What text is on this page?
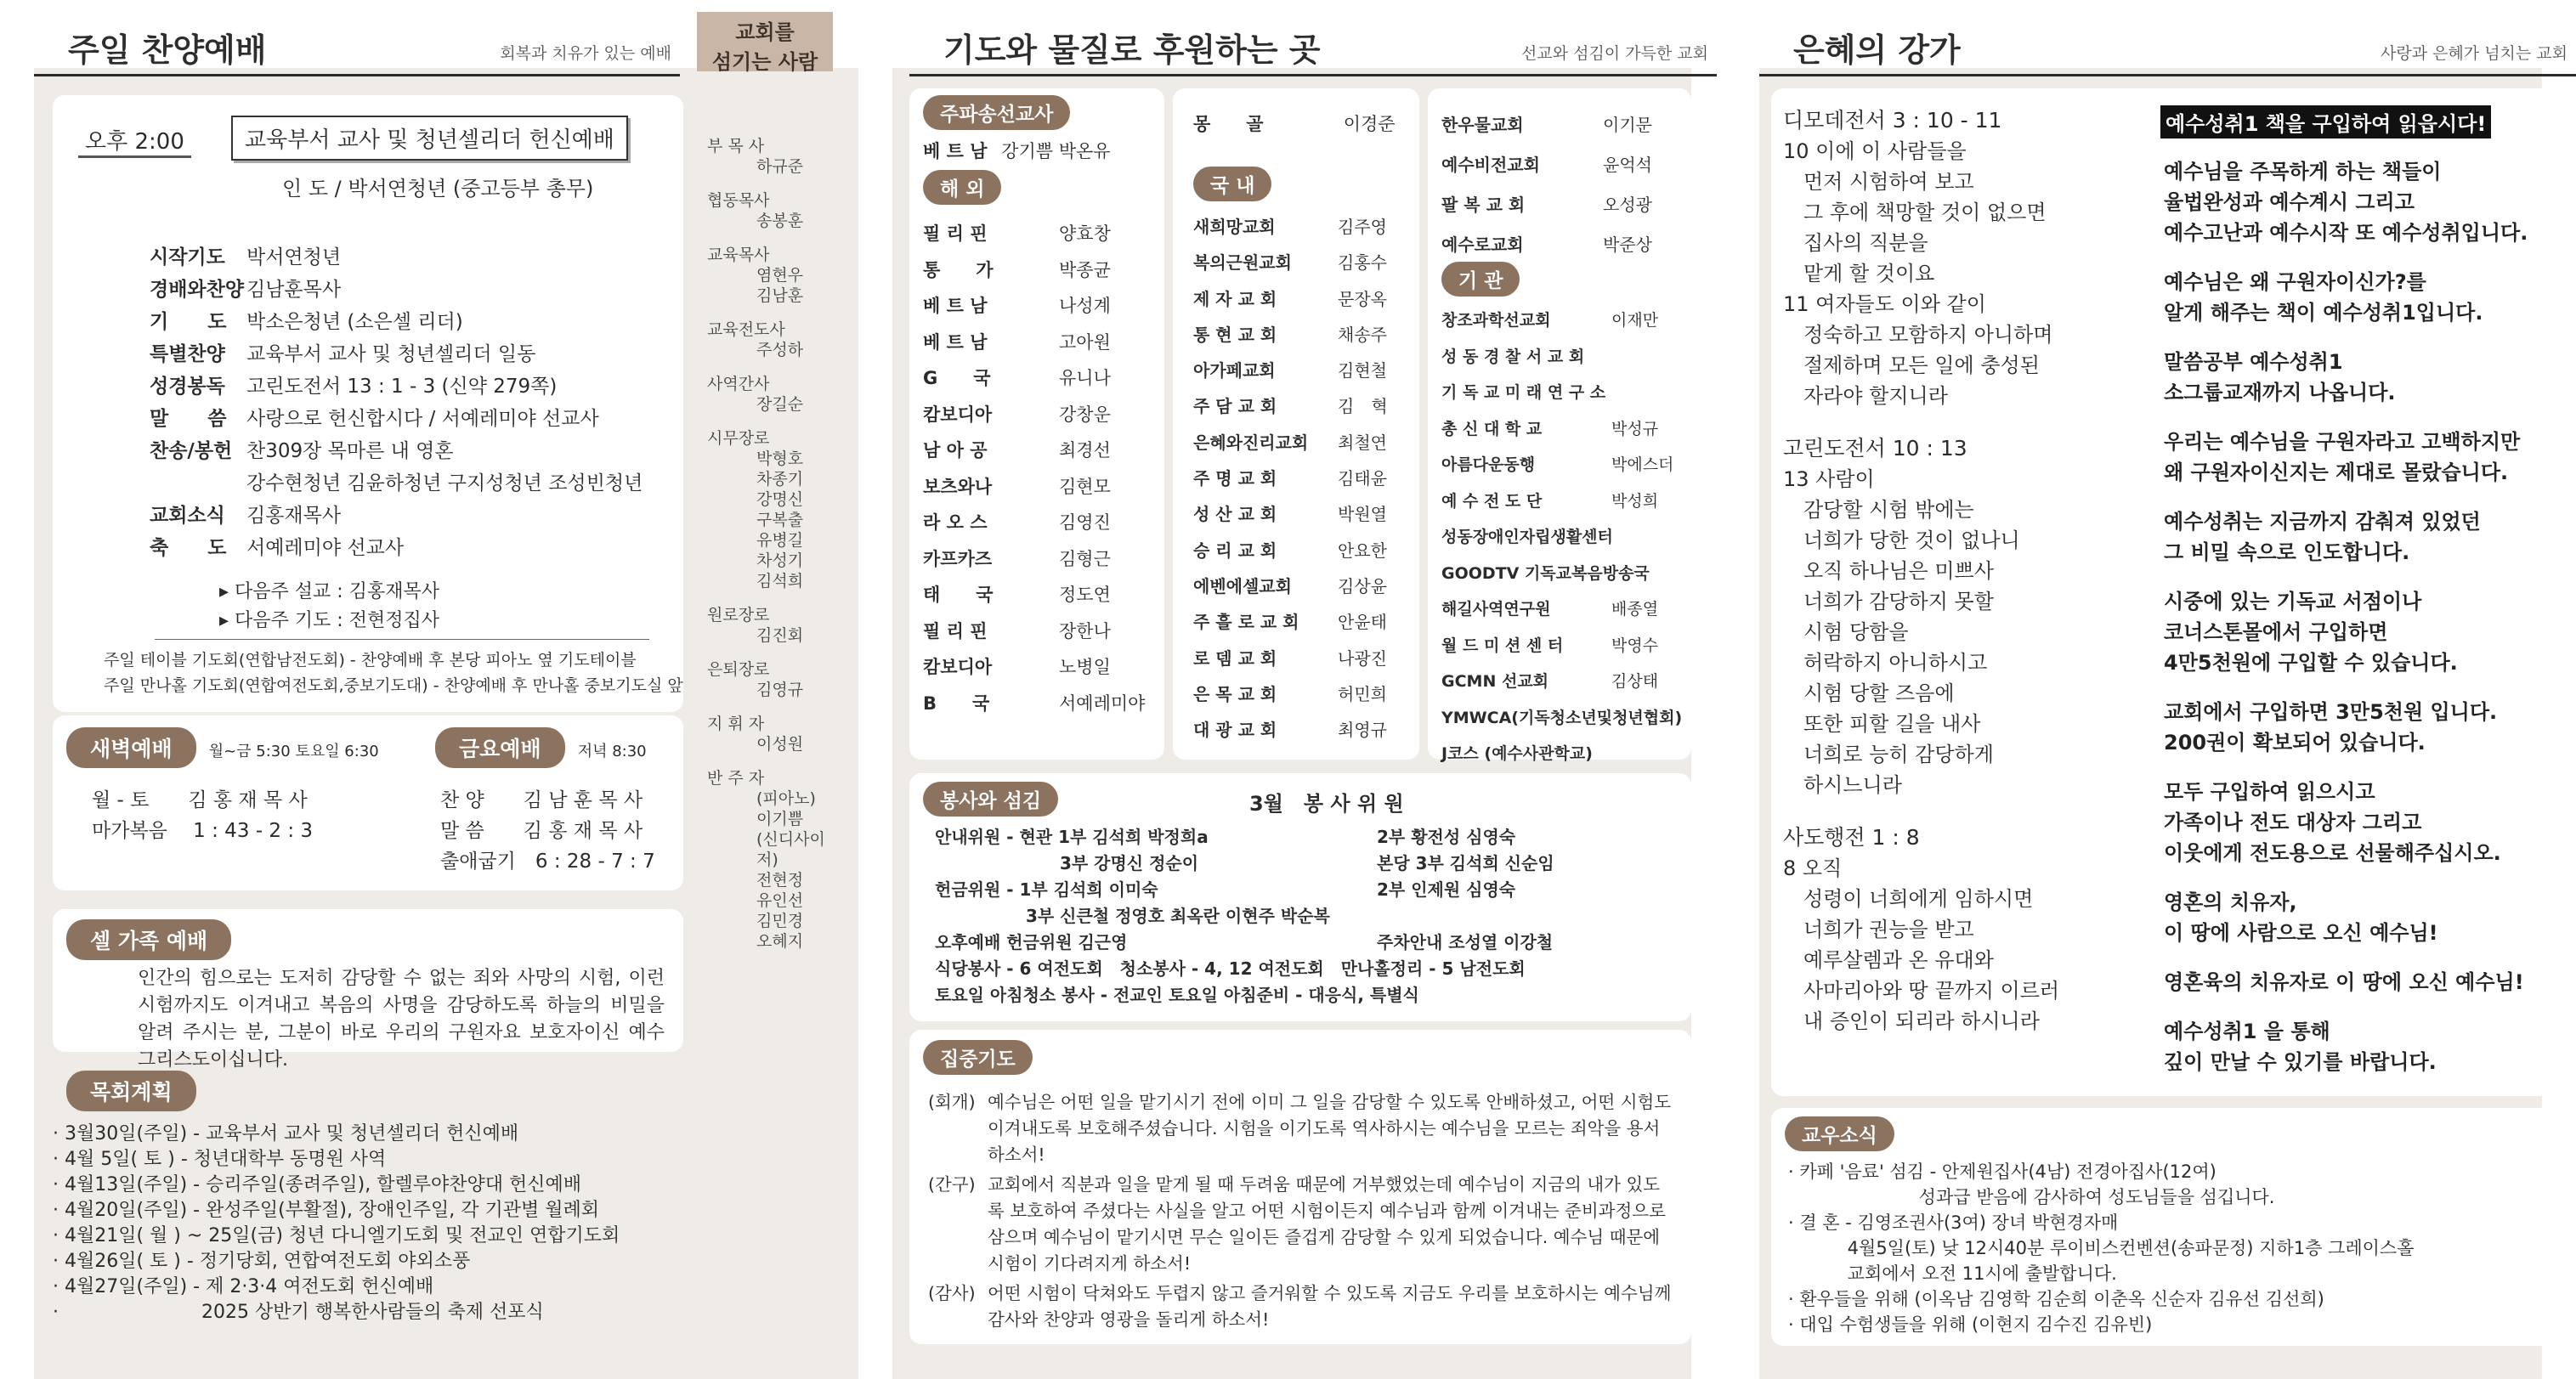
주일 찬양예배	회복과 치유가 있는 예배
교회를
섬기는 사람
오후 2:00	교육부서 교사 및 청년셀리더 헌신예배
인 도 / 박서연청년 (중고등부 총무)
시작기도 박서연청년
경배와찬양 김남훈목사
기　　도 박소은청년 (소은셀 리더)
특별찬양 교육부서 교사 및 청년셀리더 일동
성경봉독 고린도전서 13 : 1 - 3 (신약 279쪽)
말　　씀 사랑으로 헌신합시다 / 서예레미야 선교사
찬송/봉헌 찬309장 목마른 내 영혼
강수현청년 김윤하청년 구지성청년 조성빈청년
교회소식 김홍재목사
축　　도 서예레미야 선교사
▸ 다음주 설교 : 김홍재목사
▸ 다음주 기도 : 전현정집사
주일 테이블 기도회(연합남전도회) - 찬양예배 후 본당 피아노 옆 기도테이블
주일 만나홀 기도회(연합여전도회,중보기도대) - 찬양예배 후 만나홀 중보기도실 앞
새벽예배 월~금 5:30 토요일 6:30
월 - 토　　김 홍 재 목 사
마가복음　 1 : 43 - 2 : 3
금요예배 저녁 8:30
찬 양　　김 남 훈 목 사
말 씀　　김 홍 재 목 사
출애굽기　6 : 28 - 7 : 7
셀 가족 예배
인간의 힘으로는 도저히 감당할 수 없는 죄와 사망의 시험, 이런 시험까지도 이겨내고 복음의 사명을 감당하도록 하늘의 비밀을 알려 주시는 분, 그분이 바로 우리의 구원자요 보호자이신 예수 그리스도이십니다.
목회계획
· 3월30일(주일) - 교육부서 교사 및 청년셀리더 헌신예배
· 4월 5일( 토 ) - 청년대학부 동명원 사역
· 4월13일(주일) - 승리주일(종려주일), 할렐루야찬양대 헌신예배
· 4월20일(주일) - 완성주일(부활절), 장애인주일, 각 기관별 월례회
· 4월21일( 월 ) ~ 25일(금) 청년 다니엘기도회 및 전교인 연합기도회
· 4월26일( 토 ) - 정기당회, 연합여전도회 야외소풍
· 4월27일(주일) - 제 2·3·4 여전도회 헌신예배
· 　　　　　　　 2025 상반기 행복한사람들의 축제 선포식
부 목 사
하규준
협동목사
송봉훈
교육목사
염현우
김남훈
교육전도사
주성하
사역간사
장길순
시무장로
박형호
차종기
강명신
구복출
유병길
차성기
김석희
원로장로
김진회
은퇴장로
김영규
지 휘 자
이성원
반 주 자
(피아노)
이기쁨
(신디사이저)
전현정
유인선
김민경
오혜지
기도와 물질로 후원하는 곳	선교와 섬김이 가득한 교회
주파송선교사
베 트 남 강기쁨 박온유
해 외
필 리 핀	양효창
통　　가	박종균
베 트 남	나성계
베 트 남	고아원
G　　국	유니나
캄보디아	강창운
남 아 공	최경선
보츠와나	김현모
라 오 스	김영진
카프카즈	김형근
태　　국	정도연
필 리 핀	장한나
캄보디아	노병일
B　　국	서예레미야
몽　　골	이경준
국 내
새희망교회	김주영
복의근원교회	김홍수
제 자 교 회	문장옥
통 현 교 회	채송주
아가페교회	김현철
주 담 교 회	김　혁
은혜와진리교회 최철연
주 명 교 회	김태윤
성 산 교 회	박원열
승 리 교 회	안요한
에벤에셀교회	김상윤
주 흘 로 교 회 안윤태
로 뎀 교 회	나광진
은 목 교 회	허민희
대 광 교 회	최영규
한우물교회	이기문
예수비전교회	윤억석
팔 복 교 회	오성광
예수로교회	박준상
기 관
창조과학선교회	이재만
성 동 경 찰 서 교 회
기 독 교 미 래 연 구 소
총 신 대 학 교	박성규
아름다운동행	박에스더
예 수 전 도 단	박성희
성동장애인자립생활센터
GOODTV 기독교복음방송국
해길사역연구원	배종열
월 드 미 션 센 터	박영수
GCMN 선교회	김상태
YMWCA(기독청소년및청년협회)
J코스 (예수사관학교)
봉사와 섬김	3월　봉 사 위 원
안내위원 - 현관 1부 김석희 박정희a	2부 황전성 심영숙
　　　　　　　 3부 강명신 정순이	본당 3부 김석희 신순임
헌금위원 - 1부 김석희 이미숙	2부 인제원 심영숙
　　　　　 3부 신큰철 정영호 최옥란 이현주 박순복
오후예배 헌금위원 김근영	주차안내 조성열 이강철
식당봉사 - 6 여전도회　청소봉사 - 4, 12 여전도회　만나홀정리 - 5 남전도회
토요일 아침청소 봉사 - 전교인 토요일 아침준비 - 대응식, 특별식
집중기도
(회개) 예수님은 어떤 일을 맡기시기 전에 이미 그 일을 감당할 수 있도록 안배하셨고, 어떤 시험도 이겨내도록 보호해주셨습니다. 시험을 이기도록 역사하시는 예수님을 모르는 죄악을 용서하소서!
(간구) 교회에서 직분과 일을 맡게 될 때 두려움 때문에 거부했었는데 예수님이 지금의 내가 있도록 보호하여 주셨다는 사실을 알고 어떤 시험이든지 예수님과 함께 이겨내는 준비과정으로 삼으며 예수님이 맡기시면 무슨 일이든 즐겁게 감당할 수 있게 되었습니다. 예수님 때문에 시험이 기다려지게 하소서!
(감사) 어떤 시험이 닥쳐와도 두렵지 않고 즐거워할 수 있도록 지금도 우리를 보호하시는 예수님께 감사와 찬양과 영광을 돌리게 하소서!
은혜의 강가	사랑과 은혜가 넘치는 교회
디모데전서 3 : 10 - 11
10 이에 이 사람들을
　먼저 시험하여 보고
　그 후에 책망할 것이 없으면
　집사의 직분을
　맡게 할 것이요
11 여자들도 이와 같이
　정숙하고 모함하지 아니하며
　절제하며 모든 일에 충성된
　자라야 할지니라
고린도전서 10 : 13
13 사람이
　감당할 시험 밖에는
　너희가 당한 것이 없나니
　오직 하나님은 미쁘사
　너희가 감당하지 못할
　시험 당함을
　허락하지 아니하시고
　시험 당할 즈음에
　또한 피할 길을 내사
　너희로 능히 감당하게
　하시느니라
사도행전 1 : 8
8 오직
　성령이 너희에게 임하시면
　너희가 권능을 받고
　예루살렘과 온 유대와
　사마리아와 땅 끝까지 이르러
　내 증인이 되리라 하시니라
예수성취1 책을 구입하여 읽읍시다!
예수님을 주목하게 하는 책들이
율법완성과 예수계시 그리고
예수고난과 예수시작 또 예수성취입니다.
예수님은 왜 구원자이신가?를
알게 해주는 책이 예수성취1입니다.
말씀공부 예수성취1
소그룹교재까지 나옵니다.
우리는 예수님을 구원자라고 고백하지만
왜 구원자이신지는 제대로 몰랐습니다.
예수성취는 지금까지 감춰져 있었던
그 비밀 속으로 인도합니다.
시중에 있는 기독교 서점이나
코너스톤몰에서 구입하면
4만5천원에 구입할 수 있습니다.
교회에서 구입하면 3만5천원 입니다.
200권이 확보되어 있습니다.
모두 구입하여 읽으시고
가족이나 전도 대상자 그리고
이웃에게 전도용으로 선물해주십시오.
영혼의 치유자,
이 땅에 사람으로 오신 예수님!
영혼육의 치유자로 이 땅에 오신 예수님!
예수성취1 을 통해
깊이 만날 수 있기를 바랍니다.
교우소식
· 카페 '음료' 섬김 - 안제원집사(4남) 전경아집사(12여)
　　　　　　　 성과급 받음에 감사하여 성도님들을 섬깁니다.
· 결 혼 - 김영조권사(3여) 장녀 박현경자매
　　　 4월5일(토) 낮 12시40분 루이비스컨벤션(송파문정) 지하1층 그레이스홀
　　　 교회에서 오전 11시에 출발합니다.
· 환우들을 위해 (이옥남 김영학 김순희 이춘옥 신순자 김유선 김선희)
· 대입 수험생들을 위해 (이현지 김수진 김유빈)
